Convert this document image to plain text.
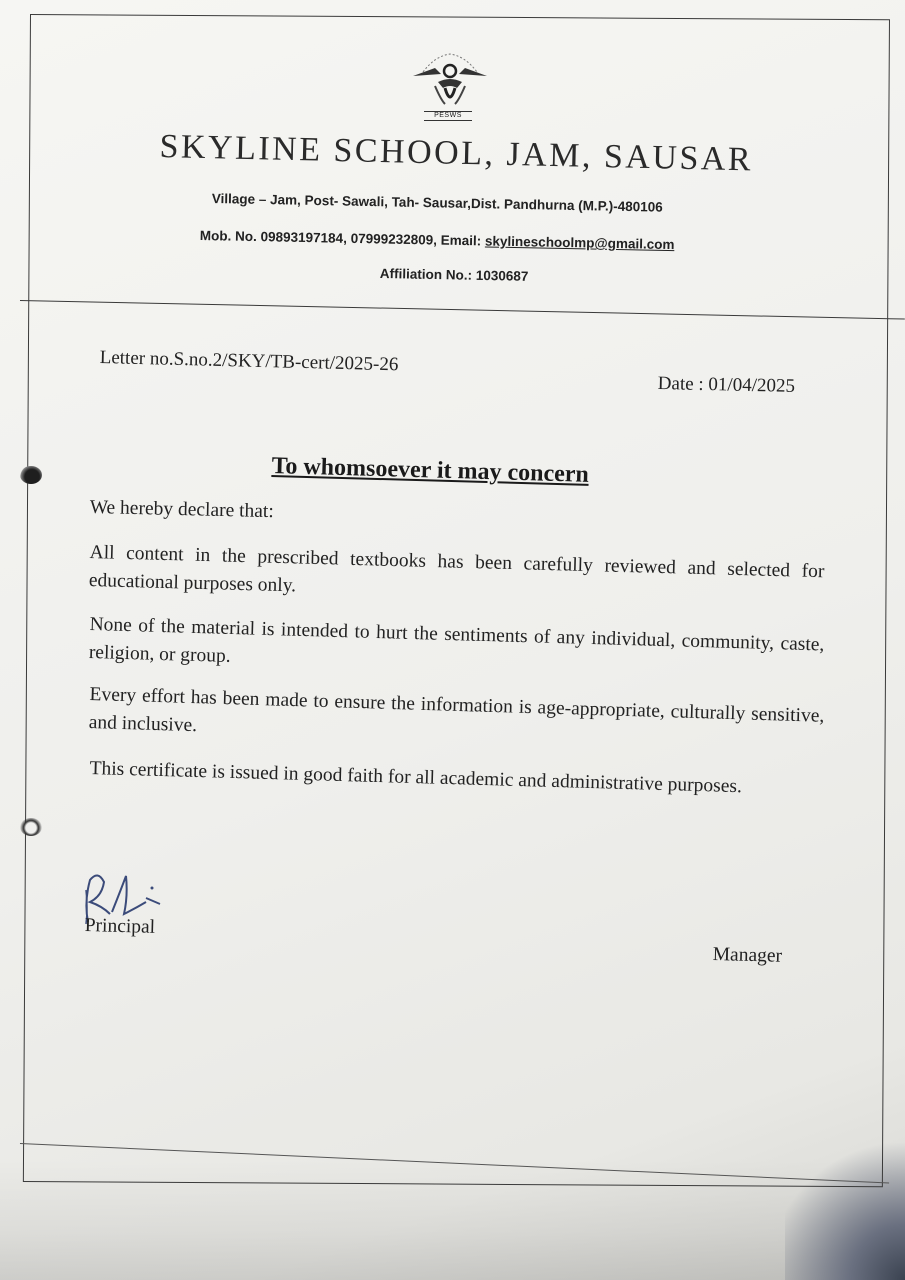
PESWS
SKYLINE SCHOOL, JAM, SAUSAR
Village – Jam, Post- Sawali, Tah- Sausar,Dist. Pandhurna (M.P.)-480106
Mob. No. 09893197184, 07999232809, Email: skylineschoolmp@gmail.com
Affiliation No.: 1030687
Letter no.S.no.2/SKY/TB-cert/2025-26
Date : 01/04/2025
To whomsoever it may concern
We hereby declare that:
All content in the prescribed textbooks has been carefully reviewed and selected for educational purposes only.
None of the material is intended to hurt the sentiments of any individual, community, caste, religion, or group.
Every effort has been made to ensure the information is age-appropriate, culturally sensitive, and inclusive.
This certificate is issued in good faith for all academic and administrative purposes.
Principal
Manager
